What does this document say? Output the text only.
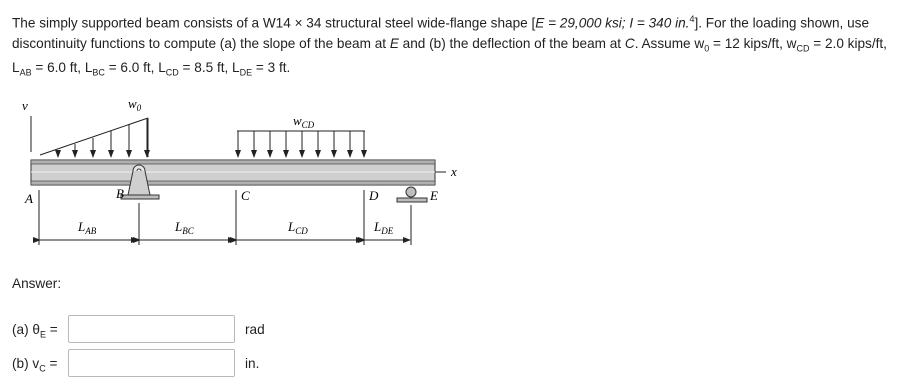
The simply supported beam consists of a W14 × 34 structural steel wide-flange shape [E = 29,000 ksi; I = 340 in.$^4$]. For the loading shown, use discontinuity functions to compute (a) the slope of the beam at E and (b) the deflection of the beam at C. Assume $w_0 = 12$ kips/ft, $w_{CD} = 2.0$ kips/ft, $L_{AB} = 6.0$ ft, $L_{BC} = 6.0$ ft, $L_{CD} = 8.5$ ft, $L_{DE} = 3$ ft.
v	$w_0$
$w_{CD}$
x
A	B	C	D	E
$L_{AB}$	$L_{BC}$	$L_{CD}$	$L_{DE}$
Answer:
(a) $\theta_E$ =	rad
(b) $v_C$ =	in.
